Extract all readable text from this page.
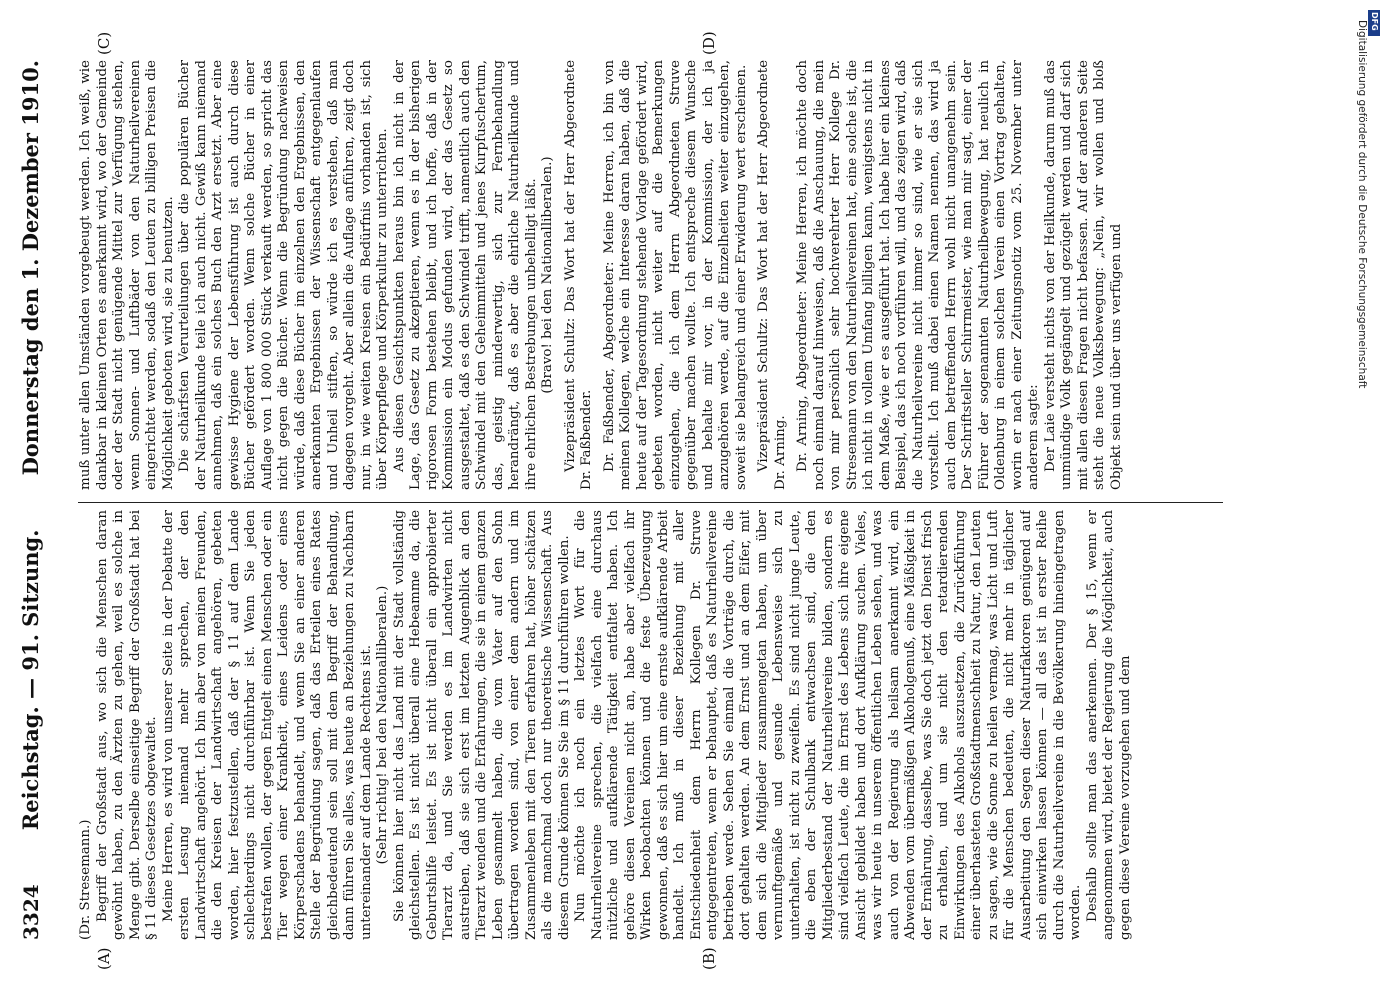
3324
Reichstag. — 91. Sitzung.
Donnerstag den 1. Dezember 1910.
(A)	(B)
(C)	(D)

(Dr. Stresemann.) Begriff der Großstadt aus, wo sich die Menschen daran gewöhnt haben, zu den Ärzten zu gehen, weil es solche in Menge gibt. Derselbe einseitige Begriff der Großstadt hat bei § 11 dieses Gesetzes obgewaltet. Meine Herren, es wird von unserer Seite in der Debatte der ersten Lesung niemand mehr sprechen, der den Landwirtschaft angehört. Ich bin aber von meinen Freunden, die den Kreisen der Landwirtschaft angehören, gebeten worden, hier festzustellen, daß der § 11 auf dem Lande schlechterdings nicht durchführbar ist. Wenn Sie jeden bestrafen wollen, der gegen Entgelt einen Menschen oder ein Tier wegen einer Krankheit, eines Leidens oder eines Körperschadens behandelt, und wenn Sie an einer anderen Stelle der Begründung sagen, daß das Erteilen eines Rates gleichbedeutend sein soll mit dem Begriff der Behandlung, dann führen Sie alles, was heute an Beziehungen zu Nachbarn untereinander auf dem Lande Rechtens ist. (Sehr richtig! bei den Nationalliberalen.) Sie können hier nicht das Land mit der Stadt vollständig gleichstellen. Es ist nicht überall eine Hebeamme da, die Geburtshilfe leistet. Es ist nicht überall ein approbierter Tierarzt da, und Sie werden es im Landwirten nicht austreiben, daß sie sich erst im letzten Augenblick an den Tierarzt wenden und die Erfahrungen, die sie in einem ganzen Leben gesammelt haben, die vom Vater auf den Sohn übertragen worden sind, von einer dem andern und im Zusammenleben mit den Tieren erfahren hat, höher schätzen als die manchmal doch nur theoretische Wissenschaft. Aus diesem Grunde können Sie Sie im § 11 durchführen wollen. Nun möchte ich noch ein letztes Wort für die Naturheilvereine sprechen, die vielfach eine durchaus nützliche und aufklärende Tätigkeit entfaltet haben. Ich gehöre diesen Vereinen nicht an, habe aber vielfach ihr Wirken beobachten können und die feste Überzeugung gewonnen, daß es sich hier um eine ernste aufklärende Arbeit handelt. Ich muß in dieser Beziehung mit aller Entschiedenheit dem Herrn Kollegen Dr. Struve entgegentreten, wenn er behauptet, daß es Naturheilvereine betrieben werde. Sehen Sie einmal die Vorträge durch, die dort gehalten werden. An dem Ernst und an dem Eifer, mit dem sich die Mitglieder zusammengetan haben, um über vernunftgemäße und gesunde Lebensweise sich zu unterhalten, ist nicht zu zweifeln. Es sind nicht junge Leute, die eben der Schulbank entwachsen sind, die den Mitgliederbestand der Naturheilvereine bilden, sondern es sind vielfach Leute, die im Ernst des Lebens sich ihre eigene Ansicht gebildet haben und dort Aufklärung suchen. Vieles, was wir heute in unserem öffentlichen Leben sehen, und was auch von der Regierung als heilsam anerkannt wird, ein Abwenden vom übermäßigen Alkoholgenuß, eine Mäßigkeit in der Ernährung, dasselbe, was Sie doch jetzt den Dienst frisch zu erhalten, und um sie nicht den retardierenden Einwirkungen des Alkohols auszusetzen, die Zurückführung einer überhasteten Großstadtmenschheit zu Natur, den Leuten zu sagen, wie die Sonne zu heilen vermag, was Licht und Luft für die Menschen bedeuten, die nicht mehr in täglicher Ausarbeitung den Segen dieser Naturfaktoren genügend auf sich einwirken lassen können — all das ist in erster Reihe durch die Naturheilvereine in die Bevölkerung hineingetragen worden. Deshalb sollte man das anerkennen. Der § 15, wenn er angenommen wird, bietet der Regierung die Möglichkeit, auch gegen diese Vereine vorzugehen und dem

muß unter allen Umständen vorgebeugt werden. Ich weiß, wie dankbar in kleinen Orten es anerkannt wird, wo der Gemeinde oder der Stadt nicht genügende Mittel zur Verfügung stehen, wenn Sonnen- und Luftbäder von den Naturheilvereinen eingerichtet werden, sodaß den Leuten zu billigen Preisen die Möglichkeit geboten wird, sie zu benutzen. Die schärfsten Verurteilungen über die populären Bücher der Naturheilkunde teile ich auch nicht. Gewiß kann niemand annehmen, daß ein solches Buch den Arzt ersetzt. Aber eine gewisse Hygiene der Lebensführung ist auch durch diese Bücher gefördert worden. Wenn solche Bücher in einer Auflage von 1 800 000 Stück verkauft werden, so spricht das nicht gegen die Bücher. Wenn die Begründung nachweisen würde, daß diese Bücher im einzelnen den Ergebnissen, den anerkannten Ergebnissen der Wissenschaft entgegenlaufen und Unheil stiften, so würde ich es verstehen, daß man dagegen vorgeht. Aber allein die Auflage anführen, zeigt doch nur, in wie weiten Kreisen ein Bedürfnis vorhanden ist, sich über Körperpflege und Körperkultur zu unterrichten. Aus diesen Gesichtspunkten heraus bin ich nicht in der Lage, das Gesetz zu akzeptieren, wenn es in der bisherigen rigorosen Form bestehen bleibt, und ich hoffe, daß in der Kommission ein Modus gefunden wird, der das Gesetz so ausgestaltet, daß es den Schwindel trifft, namentlich auch den Schwindel mit den Geheimmitteln und jenes Kurpfuschertum, das, geistig minderwertig, sich zur Fernbehandlung herandrängt, daß es aber die ehrliche Naturheilkunde und ihre ehrlichen Bestrebungen unbehelligt läßt. (Bravo! bei den Nationalliberalen.) Vizepräsident Schultz: Das Wort hat der Herr Abgeordnete Dr. Faßbender. Dr. Faßbender, Abgeordneter: Meine Herren, ich bin von meinen Kollegen, welche ein Interesse daran haben, daß die heute auf der Tagesordnung stehende Vorlage gefördert wird, gebeten worden, nicht weiter auf die Bemerkungen einzugehen, die ich dem Herrn Abgeordneten Struve gegenüber machen wollte. Ich entspreche diesem Wunsche und behalte mir vor, in der Kommission, der ich ja anzugehören werde, auf die Einzelheiten weiter einzugehen, soweit sie belangreich und einer Erwiderung wert erscheinen. Vizepräsident Schultz: Das Wort hat der Herr Abgeordnete Dr. Arning. Dr. Arning, Abgeordneter: Meine Herren, ich möchte doch noch einmal darauf hinweisen, daß die Anschauung, die mein von mir persönlich sehr hochverehrter Herr Kollege Dr. Stresemann von den Naturheilvereinen hat, eine solche ist, die ich nicht in vollem Umfang billigen kann, wenigstens nicht in dem Maße, wie er es ausgeführt hat. Ich habe hier ein kleines Beispiel, das ich noch vorführen will, und das zeigen wird, daß die Naturheilvereine nicht immer so sind, wie er sie sich vorstellt. Ich muß dabei einen Namen nennen, das wird ja auch dem betreffenden Herrn wohl nicht unangenehm sein. Der Schriftsteller Schirrmeister, wie man mir sagt, einer der Führer der sogenannten Naturheilbewegung, hat neulich in Oldenburg in einem solchen Verein einen Vortrag gehalten, worin er nach einer Zeitungsnotiz vom 25. November unter anderem sagte: Der Laie versteht nichts von der Heilkunde, darum muß das unmündige Volk gegängelt und gezügelt werden und darf sich mit allen diesen Fragen nicht befassen. Auf der anderen Seite steht die neue Volksbewegung: „Nein, wir wollen und bloß Objekt sein und über uns verfügen und	Digitalisierung gefördert durch die Deutsche Forschungsgemeinschaft DFG
